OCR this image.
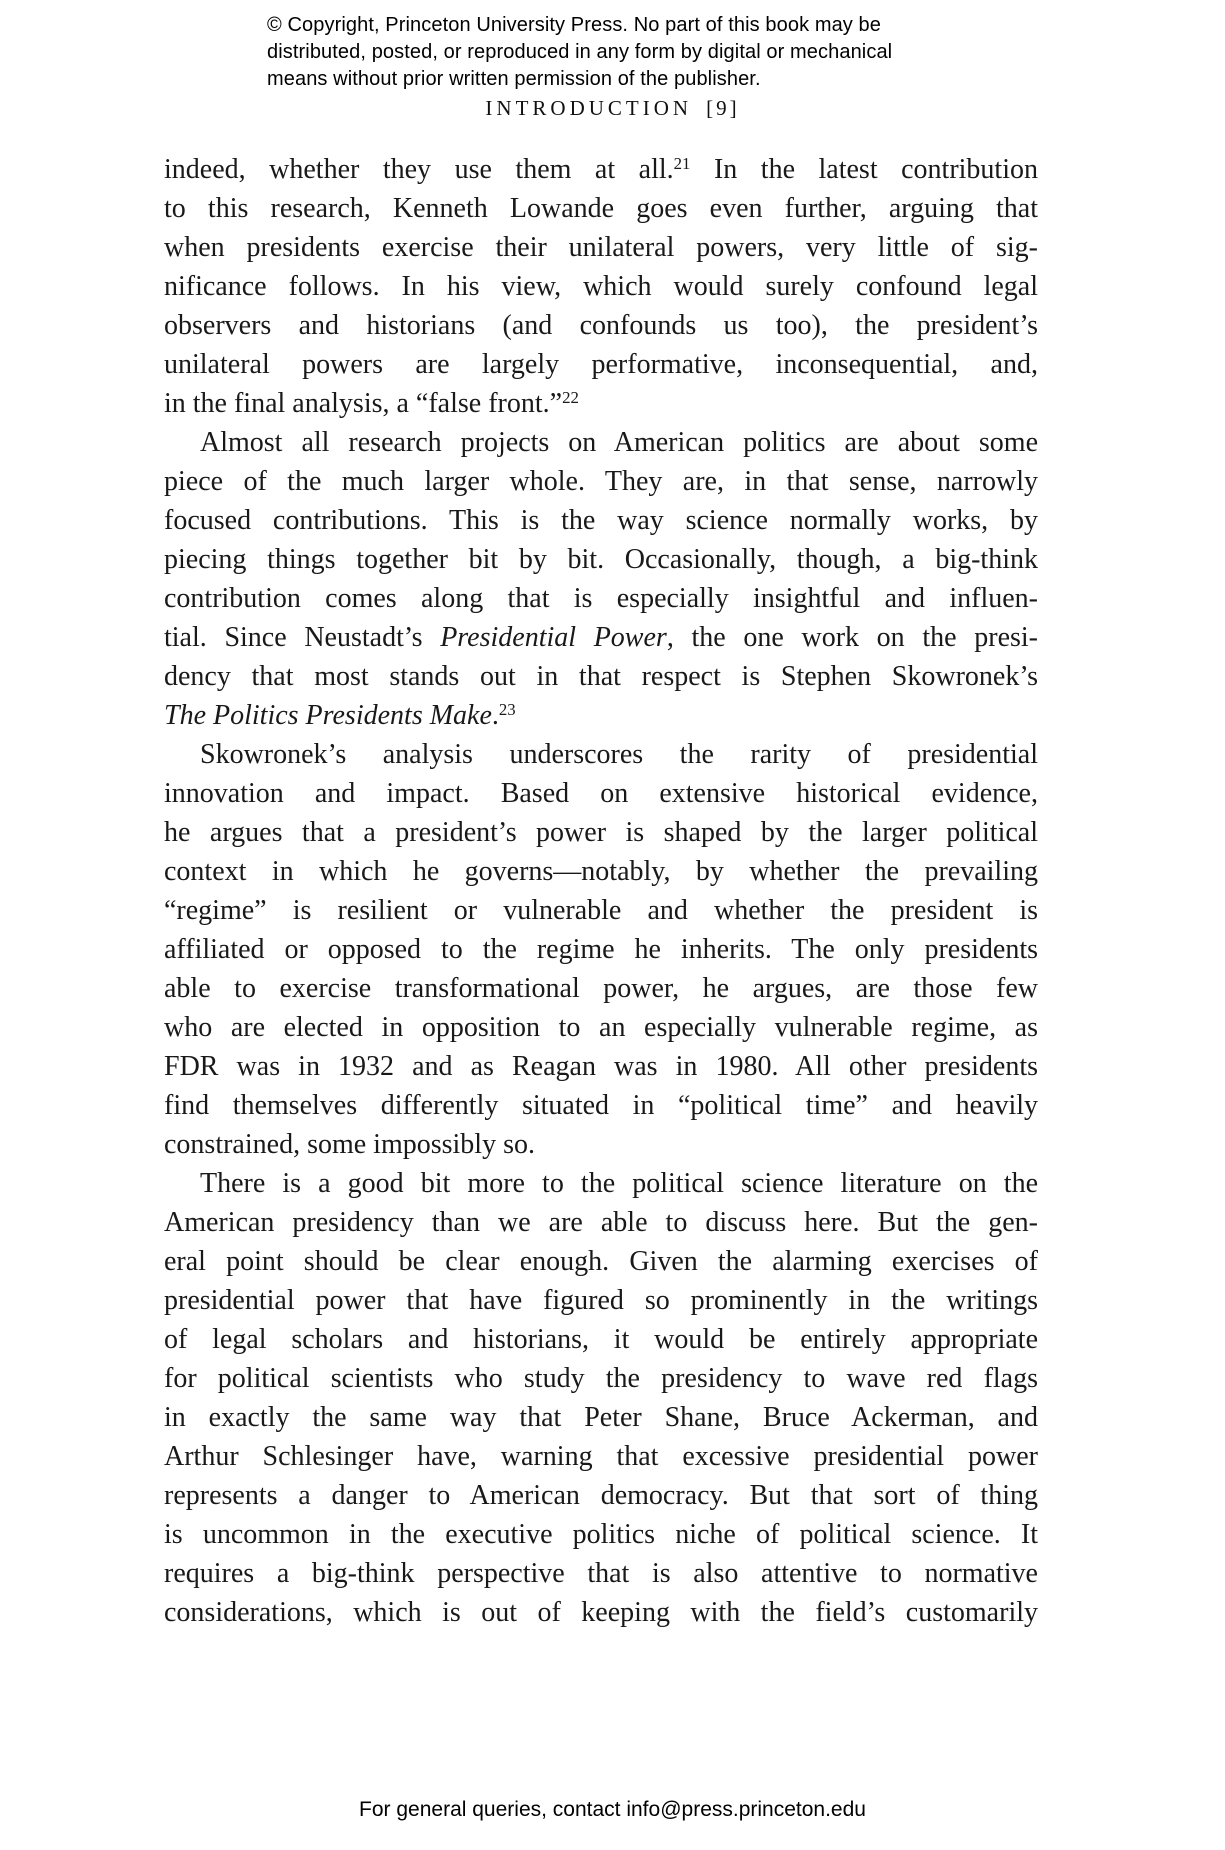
© Copyright, Princeton University Press. No part of this book may be
distributed, posted, or reproduced in any form by digital or mechanical
means without prior written permission of the publisher.
INTRODUCTION [9]
indeed, whether they use them at all.$^{21}$ In the latest contribution
to this research, Kenneth Lowande goes even further, arguing that
when presidents exercise their unilateral powers, very little of sig-
nificance follows. In his view, which would surely confound legal
observers and historians (and confounds us too), the president’s
unilateral powers are largely performative, inconsequential, and,
in the final analysis, a “false front.”$^{22}$
Almost all research projects on American politics are about some
piece of the much larger whole. They are, in that sense, narrowly
focused contributions. This is the way science normally works, by
piecing things together bit by bit. Occasionally, though, a big-think
contribution comes along that is especially insightful and influen-
tial. Since Neustadt’s Presidential Power, the one work on the presi-
dency that most stands out in that respect is Stephen Skowronek’s
The Politics Presidents Make.$^{23}$
Skowronek’s analysis underscores the rarity of presidential
innovation and impact. Based on extensive historical evidence,
he argues that a president’s power is shaped by the larger political
context in which he governs—notably, by whether the prevailing
“regime” is resilient or vulnerable and whether the president is
affiliated or opposed to the regime he inherits. The only presidents
able to exercise transformational power, he argues, are those few
who are elected in opposition to an especially vulnerable regime, as
FDR was in 1932 and as Reagan was in 1980. All other presidents
find themselves differently situated in “political time” and heavily
constrained, some impossibly so.
There is a good bit more to the political science literature on the
American presidency than we are able to discuss here. But the gen-
eral point should be clear enough. Given the alarming exercises of
presidential power that have figured so prominently in the writings
of legal scholars and historians, it would be entirely appropriate
for political scientists who study the presidency to wave red flags
in exactly the same way that Peter Shane, Bruce Ackerman, and
Arthur Schlesinger have, warning that excessive presidential power
represents a danger to American democracy. But that sort of thing
is uncommon in the executive politics niche of political science. It
requires a big-think perspective that is also attentive to normative
considerations, which is out of keeping with the field’s customarily
For general queries, contact info@press.princeton.edu
